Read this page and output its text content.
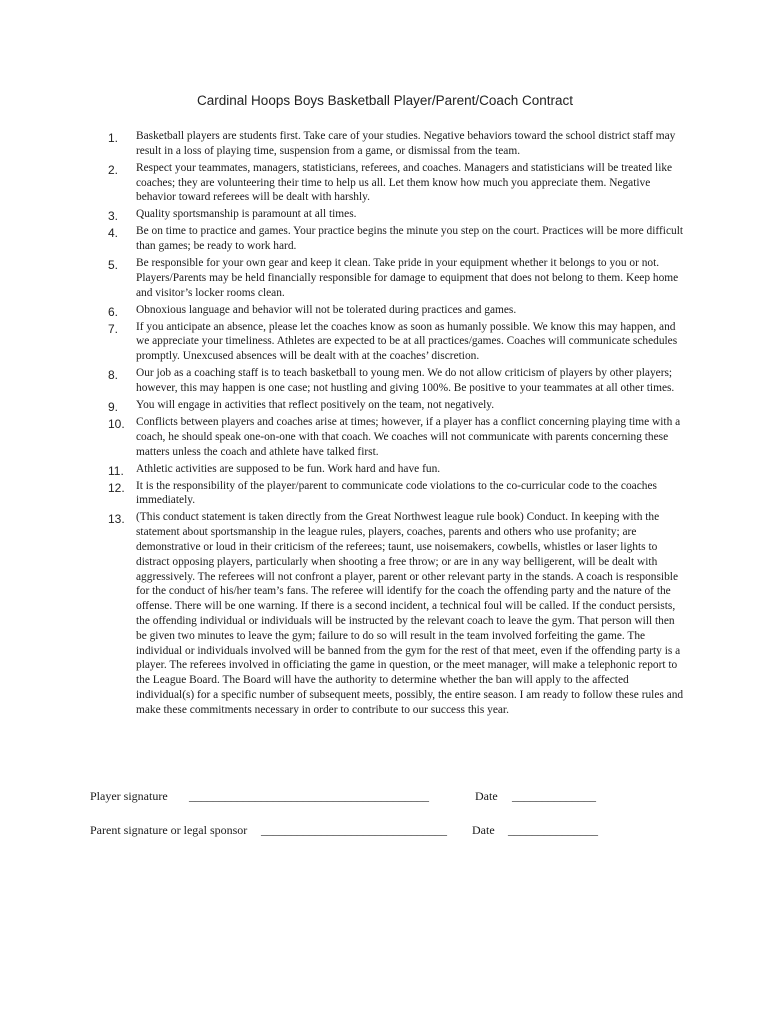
Cardinal Hoops Boys Basketball Player/Parent/Coach Contract
1.	Basketball players are students first. Take care of your studies. Negative behaviors toward the school district staff may result in a loss of playing time, suspension from a game, or dismissal from the team.
2.	Respect your teammates, managers, statisticians, referees, and coaches. Managers and statisticians will be treated like coaches; they are volunteering their time to help us all. Let them know how much you appreciate them. Negative behavior toward referees will be dealt with harshly.
3.	Quality sportsmanship is paramount at all times.
4.	Be on time to practice and games. Your practice begins the minute you step on the court. Practices will be more difficult than games; be ready to work hard.
5.	Be responsible for your own gear and keep it clean. Take pride in your equipment whether it belongs to you or not. Players/Parents may be held financially responsible for damage to equipment that does not belong to them. Keep home and visitor’s locker rooms clean.
6.	Obnoxious language and behavior will not be tolerated during practices and games.
7.	If you anticipate an absence, please let the coaches know as soon as humanly possible. We know this may happen, and we appreciate your timeliness. Athletes are expected to be at all practices/games. Coaches will communicate schedules promptly. Unexcused absences will be dealt with at the coaches’ discretion.
8.	Our job as a coaching staff is to teach basketball to young men. We do not allow criticism of players by other players; however, this may happen is one case; not hustling and giving 100%. Be positive to your teammates at all other times.
9.	You will engage in activities that reflect positively on the team, not negatively.
10. Conflicts between players and coaches arise at times; however, if a player has a conflict concerning playing time with a coach, he should speak one-on-one with that coach. We coaches will not communicate with parents concerning these matters unless the coach and athlete have talked first.
11.	Athletic activities are supposed to be fun. Work hard and have fun.
12. It is the responsibility of the player/parent to communicate code violations to the co-curricular code to the coaches immediately.
13. (This conduct statement is taken directly from the Great Northwest league rule book) Conduct. In keeping with the statement about sportsmanship in the league rules, players, coaches, parents and others who use profanity; are demonstrative or loud in their criticism of the referees; taunt, use noisemakers, cowbells, whistles or laser lights to distract opposing players, particularly when shooting a free throw; or are in any way belligerent, will be dealt with aggressively. The referees will not confront a player, parent or other relevant party in the stands. A coach is responsible for the conduct of his/her team’s fans. The referee will identify for the coach the offending party and the nature of the offense. There will be one warning. If there is a second incident, a technical foul will be called. If the conduct persists, the offending individual or individuals will be instructed by the relevant coach to leave the gym. That person will then be given two minutes to leave the gym; failure to do so will result in the team involved forfeiting the game. The individual or individuals involved will be banned from the gym for the rest of that meet, even if the offending party is a player. The referees involved in officiating the game in question, or the meet manager, will make a telephonic report to the League Board. The Board will have the authority to determine whether the ban will apply to the affected individual(s) for a specific number of subsequent meets, possibly, the entire season. I am ready to follow these rules and make these commitments necessary in order to contribute to our success this year.
Player signature ________________________________________	Date ______________
Parent signature or legal sponsor _______________________________ Date _______________
